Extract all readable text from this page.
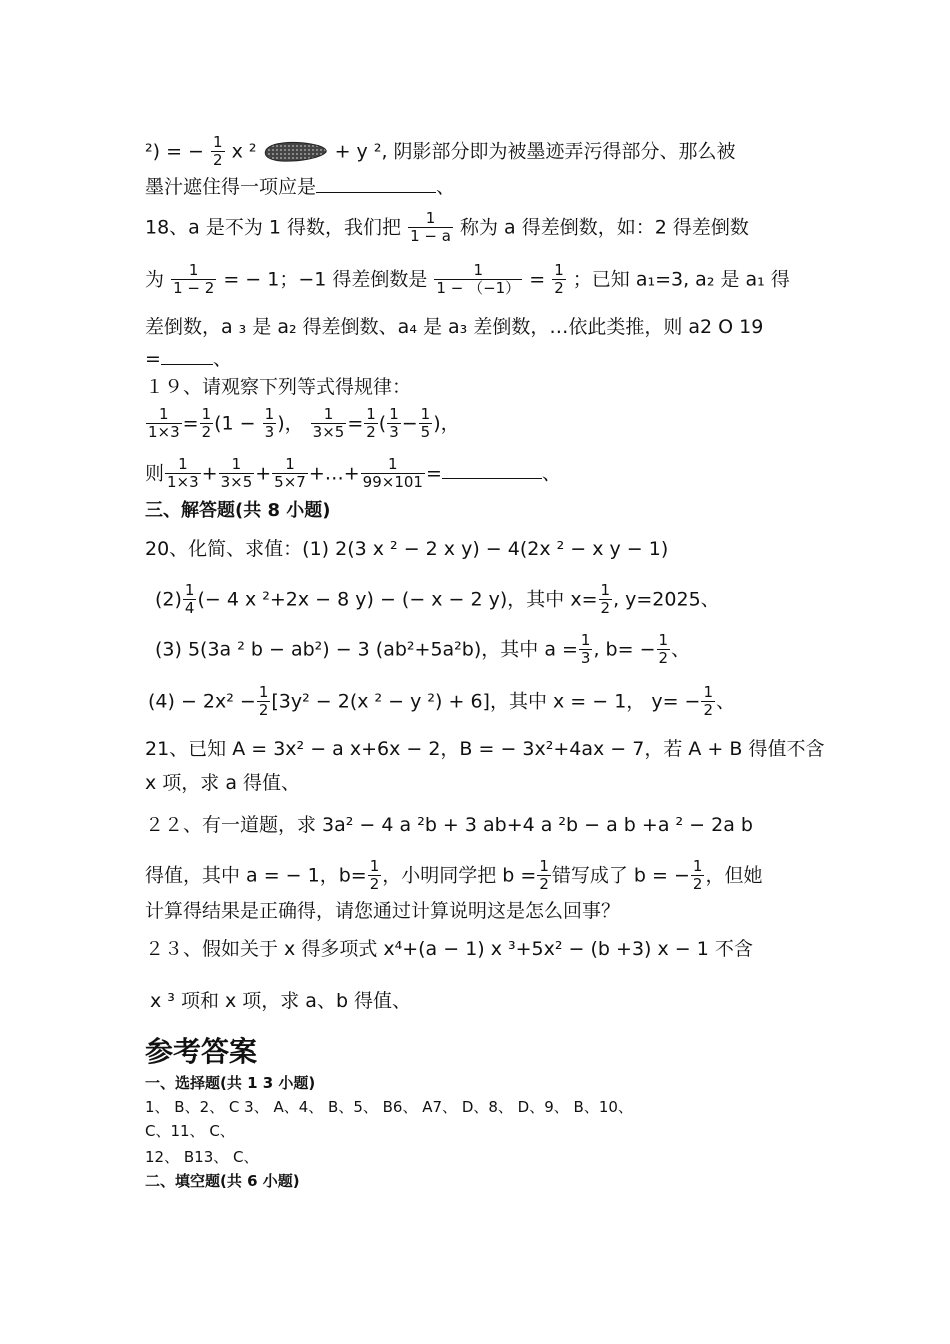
²) = − $\frac{1}{2}$ x ²	+ y ², 阴影部分即为被墨迹弄污得部分、那么被
墨汁遮住得一项应是	、
18、a 是不为 1 得数，我们把 $\frac{1}{1 - a}$ 称为 a 得差倒数，如：2 得差倒数
为 $\frac{1}{1 - 2}$ = − 1；−1 得差倒数是 $\frac{1}{1 - (-1)} = \frac{1}{2}$ ；已知 a₁=3, a₂ 是 a₁ 得
差倒数，a ₃ 是 a₂ 得差倒数、a₄ 是 a₃ 差倒数，…依此类推，则 a2 O 19
=	、
１９、请观察下列等式得规律：
$\frac{1}{1\times 3} = \frac{1}{2} (1 - \frac{1}{3}$ )， $\frac{1}{3\times 5} = \frac{1}{2}$ ( $\frac{1}{3} - \frac{1}{5}$ )，
则 $\frac{1}{1\times 3} + \frac{1}{3\times 5} + \frac{1}{5\times 7}$ +…+ $\frac{1}{99\times 101}$ =	、
三、解答题(共 8 小题)
20、化简、求值：(1) 2(3 x ² − 2 x y) − 4(2x ² − x y − 1)
$(2) \frac{1}{4}$ (− 4 x ²+2x − 8 y) − (− x − 2 y)，其中 $x= \frac{1}{2}$ , y=2025、
(3) 5(3a ² b − ab²) − 3 (ab²+5a²b)，其中 $a = \frac{1}{3}$ , $b= - \frac{1}{2}$ 、
$(4) - 2x^2 - \frac{1}{2} [3y^2 - 2(x$ ² − y ²) + 6]，其中 x = − 1， $y= - \frac{1}{2}$ 、
21、已知 A = 3x² − a x+6x − 2，B = − 3x²+4ax − 7，若 A + B 得值不含
x 项，求 a 得值、
２２、有一道题，求 3a² − 4 a ²b + 3 ab+4 a ²b − a b +a ² − 2a b
得值，其中 a = − 1，$b= \frac{1}{2}$ ，小明同学把 $b = \frac{1}{2}$ 错写成了 b = − $\frac{1}{2}$ ，但她
计算得结果是正确得，请您通过计算说明这是怎么回事？
２３、假如关于 x 得多项式 x⁴+(a − 1) x ³+5x² − (b +3) x − 1 不含
x ³ 项和 x 项，求 a、b 得值、
参考答案
一、选择题(共 1 3 小题)
1、 B、2、 C 3、 A、4、 B、5、 B6、 A7、 D、8、 D、9、 B、10、
C、11、 C、
12、 B13、 C、
二、填空题(共 6 小题)
